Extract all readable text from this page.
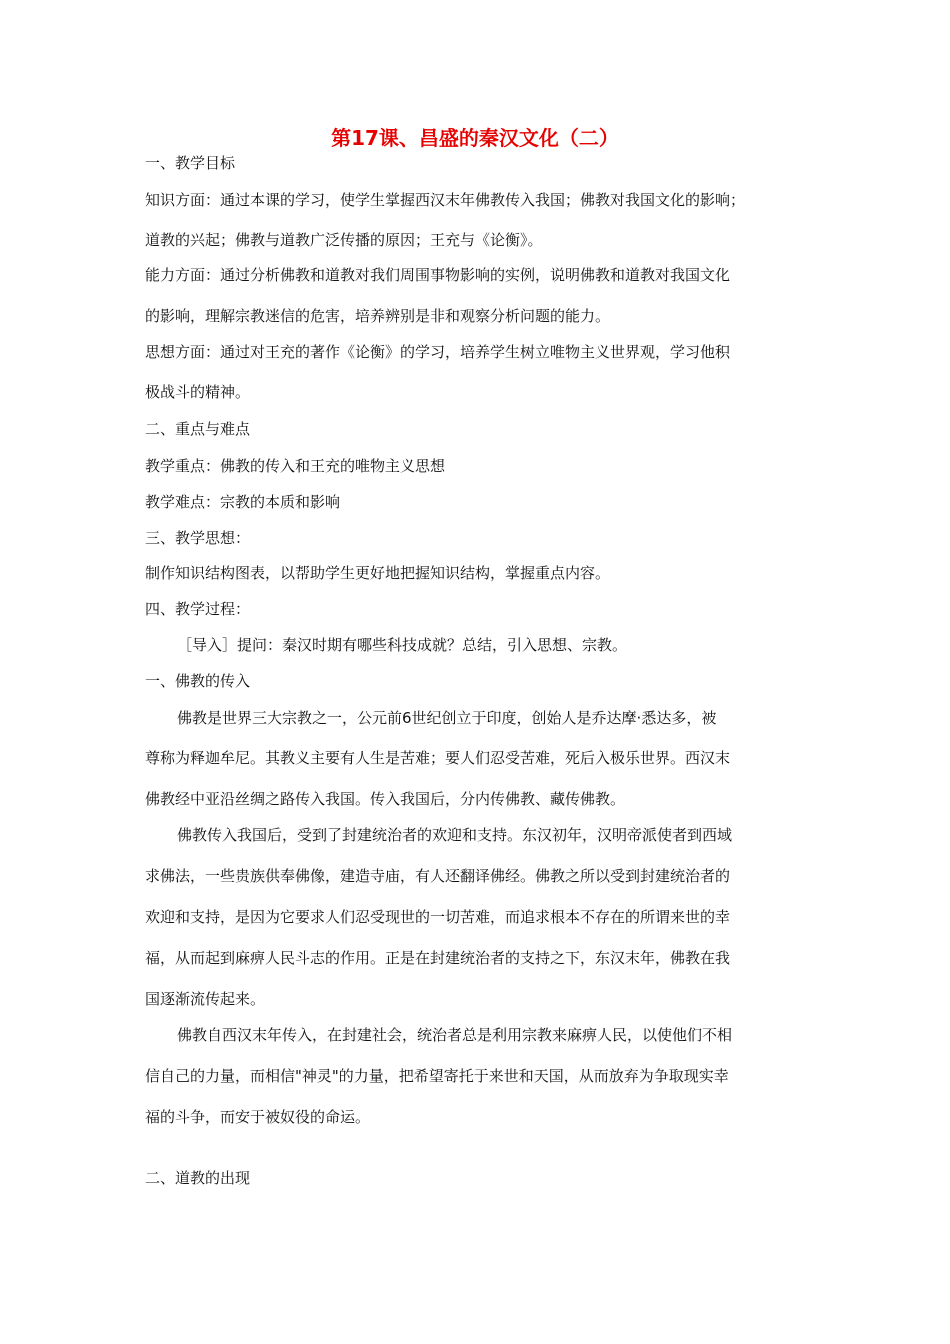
第17课、昌盛的秦汉文化（二）
一、教学目标
知识方面：通过本课的学习，使学生掌握西汉末年佛教传入我国；佛教对我国文化的影响；
道教的兴起；佛教与道教广泛传播的原因；王充与《论衡》。
能力方面：通过分析佛教和道教对我们周围事物影响的实例，说明佛教和道教对我国文化
的影响，理解宗教迷信的危害，培养辨别是非和观察分析问题的能力。
思想方面：通过对王充的著作《论衡》的学习，培养学生树立唯物主义世界观，学习他积
极战斗的精神。
二、重点与难点
教学重点：佛教的传入和王充的唯物主义思想
教学难点：宗教的本质和影响
三、教学思想：
制作知识结构图表，以帮助学生更好地把握知识结构，掌握重点内容。
四、教学过程：
［导入］提问：秦汉时期有哪些科技成就？总结，引入思想、宗教。
一、佛教的传入
佛教是世界三大宗教之一，公元前6世纪创立于印度，创始人是乔达摩·悉达多，被
尊称为释迦牟尼。其教义主要有人生是苦难；要人们忍受苦难，死后入极乐世界。西汉末
佛教经中亚沿丝绸之路传入我国。传入我国后，分内传佛教、藏传佛教。
佛教传入我国后，受到了封建统治者的欢迎和支持。东汉初年，汉明帝派使者到西域
求佛法，一些贵族供奉佛像，建造寺庙，有人还翻译佛经。佛教之所以受到封建统治者的
欢迎和支持，是因为它要求人们忍受现世的一切苦难，而追求根本不存在的所谓来世的幸
福，从而起到麻痹人民斗志的作用。正是在封建统治者的支持之下，东汉末年，佛教在我
国逐渐流传起来。
佛教自西汉末年传入，在封建社会，统治者总是利用宗教来麻痹人民，以使他们不相
信自己的力量，而相信"神灵"的力量，把希望寄托于来世和天国，从而放弃为争取现实幸
福的斗争，而安于被奴役的命运。
二、道教的出现
